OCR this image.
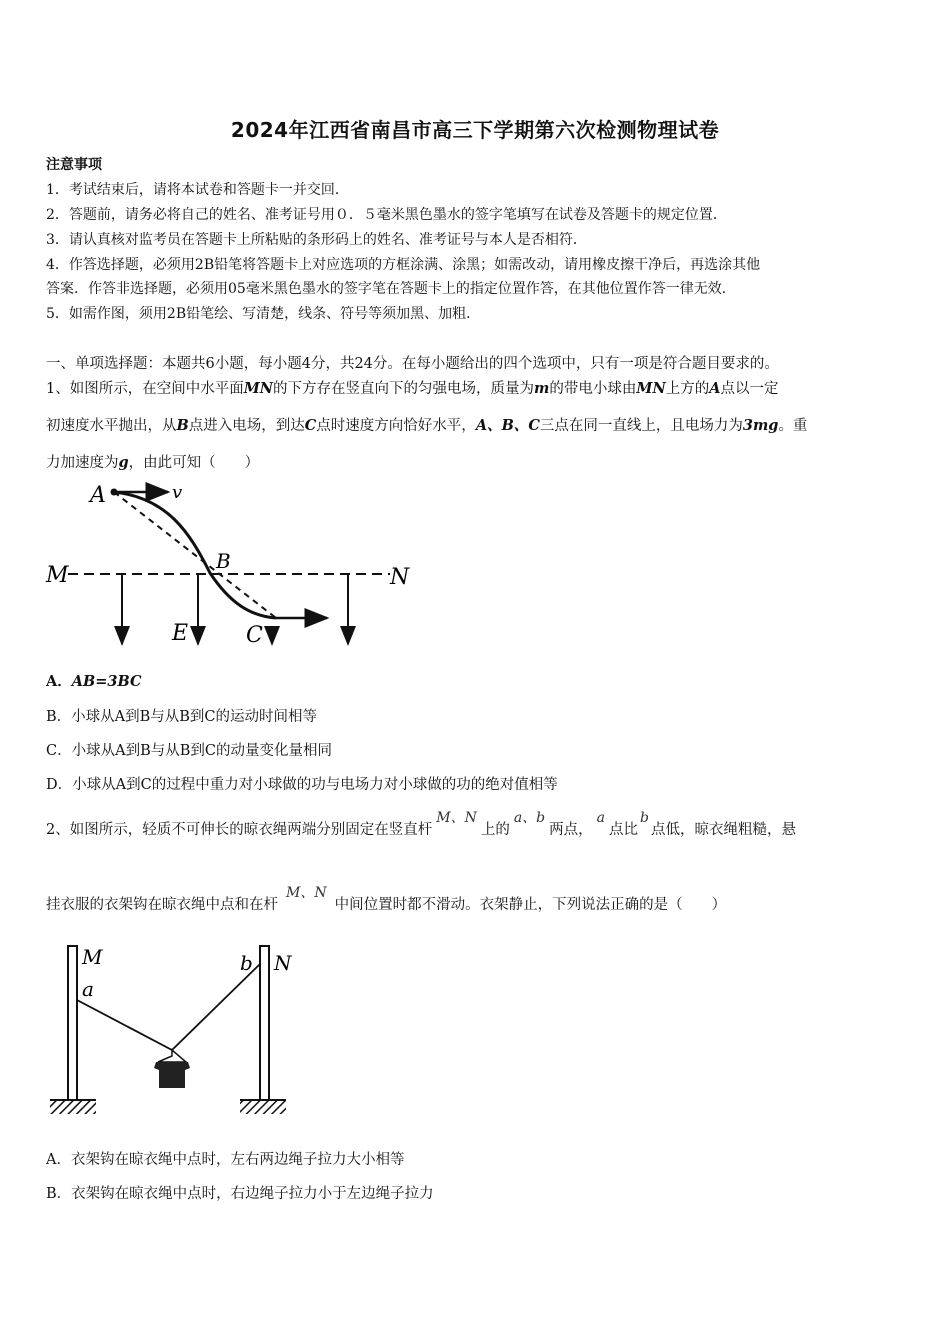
2024年江西省南昌市高三下学期第六次检测物理试卷
注意事项
1．考试结束后，请将本试卷和答题卡一并交回．
2．答题前，请务必将自己的姓名、准考证号用０．５毫米黑色墨水的签字笔填写在试卷及答题卡的规定位置．
3．请认真核对监考员在答题卡上所粘贴的条形码上的姓名、准考证号与本人是否相符．
4．作答选择题，必须用2B铅笔将答题卡上对应选项的方框涂满、涂黑；如需改动，请用橡皮擦干净后，再选涂其他
答案．作答非选择题，必须用05毫米黑色墨水的签字笔在答题卡上的指定位置作答，在其他位置作答一律无效．
5．如需作图，须用2B铅笔绘、写清楚，线条、符号等须加黑、加粗．
一、单项选择题：本题共6小题，每小题4分，共24分。在每小题给出的四个选项中，只有一项是符合题目要求的。
1、如图所示，在空间中水平面MN的下方存在竖直向下的匀强电场，质量为m的带电小球由MN上方的A点以一定
初速度水平抛出，从B点进入电场，到达C点时速度方向恰好水平，A、B、C三点在同一直线上，且电场力为3mg。重
力加速度为g，由此可知（　　）
A	v
B
M	N
E	C
A．AB=3BC
B．小球从A到B与从B到C的运动时间相等
C．小球从A到B与从B到C的动量变化量相同
D．小球从A到C的过程中重力对小球做的功与电场力对小球做的功的绝对值相等
2、如图所示，轻质不可伸长的晾衣绳两端分别固定在竖直杆M、N上的a、b两点，a点比b点低，晾衣绳粗糙，悬
挂衣服的衣架钩在晾衣绳中点和在杆M、N中间位置时都不滑动。衣架静止，下列说法正确的是（　　）
M
a
b N
A．衣架钩在晾衣绳中点时，左右两边绳子拉力大小相等
B．衣架钩在晾衣绳中点时，右边绳子拉力小于左边绳子拉力
